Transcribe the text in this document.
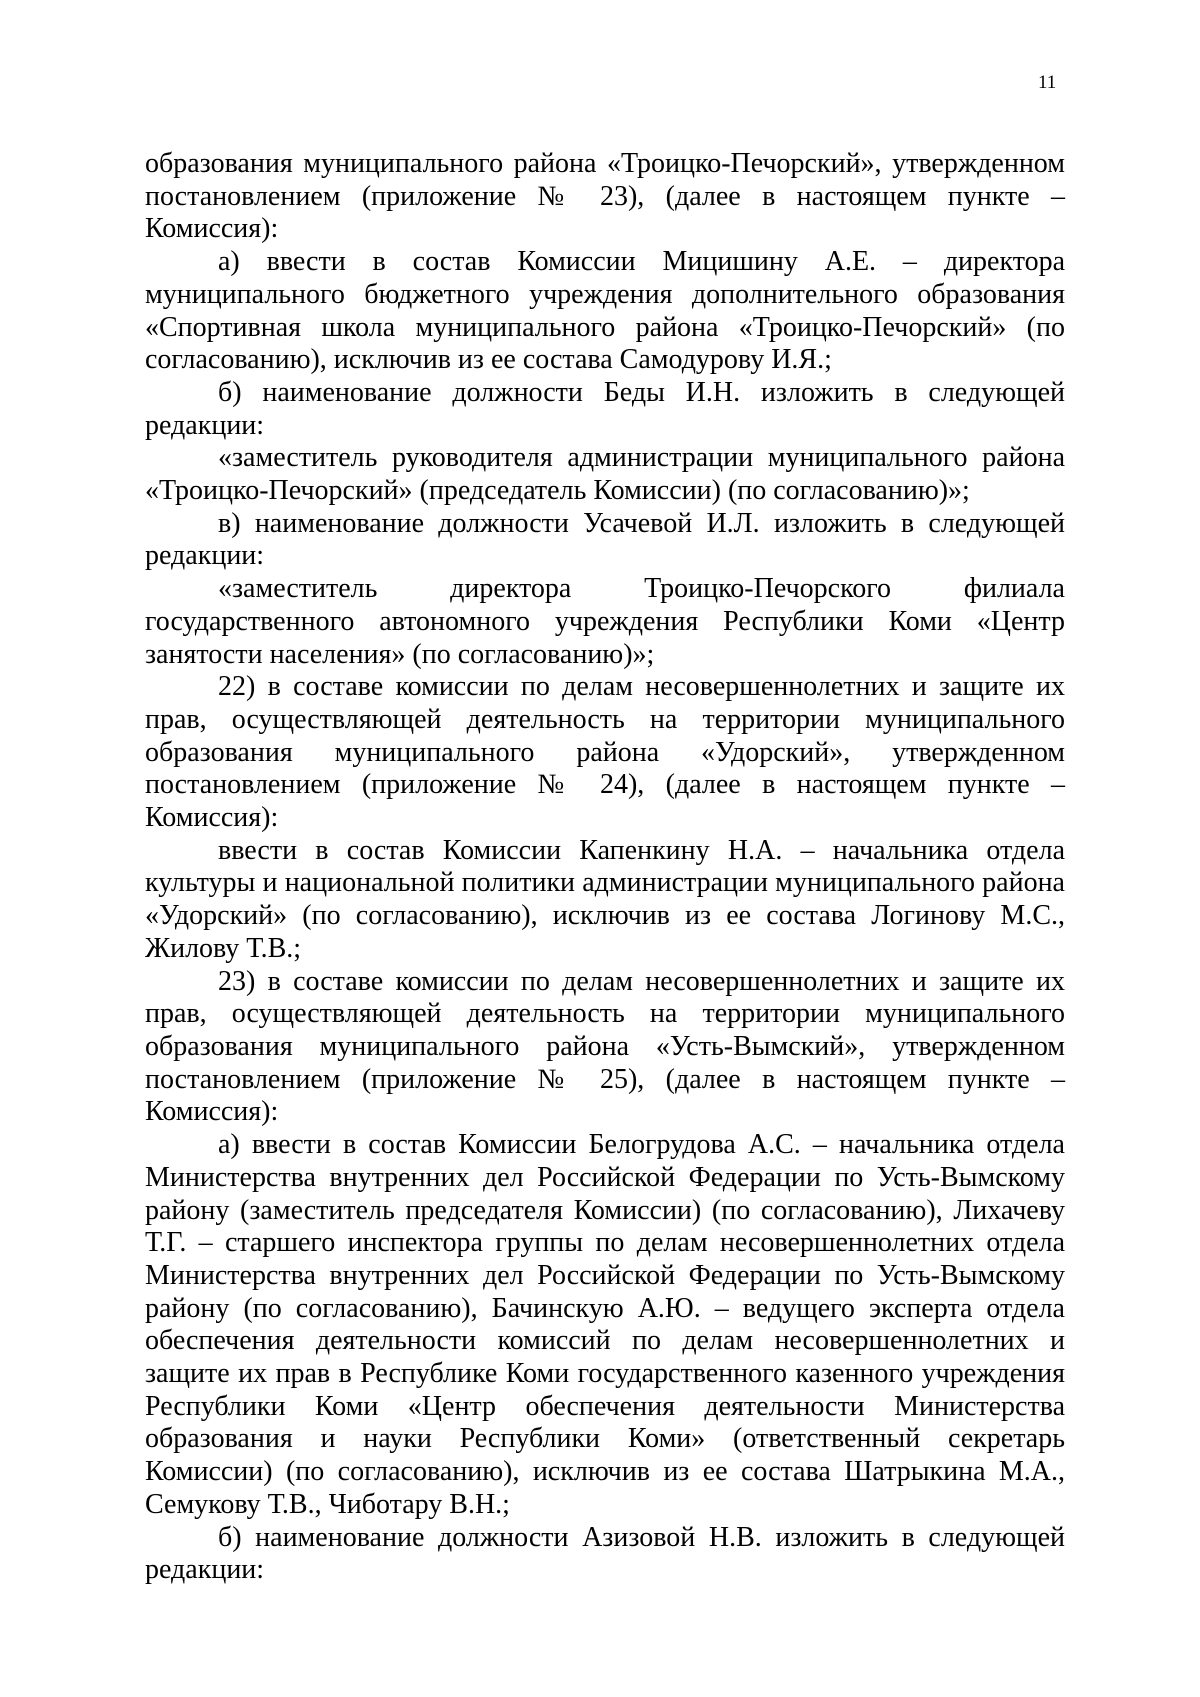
11

образования муниципального района «Троицко-Печорский», утвержденном постановлением (приложение № 23), (далее в настоящем пункте – Комиссия):

а) ввести в состав Комиссии Мицишину А.Е. – директора муниципального бюджетного учреждения дополнительного образования «Спортивная школа муниципального района «Троицко-Печорский» (по согласованию), исключив из ее состава Самодурову И.Я.;

б) наименование должности Беды И.Н. изложить в следующей редакции:

«заместитель руководителя администрации муниципального района «Троицко-Печорский» (председатель Комиссии) (по согласованию)»;

в) наименование должности Усачевой И.Л. изложить в следующей редакции:

«заместитель директора Троицко-Печорского филиала государственного автономного учреждения Республики Коми «Центр занятости населения» (по согласованию)»;

22) в составе комиссии по делам несовершеннолетних и защите их прав, осуществляющей деятельность на территории муниципального образования муниципального района «Удорский», утвержденном постановлением (приложение № 24), (далее в настоящем пункте – Комиссия):

ввести в состав Комиссии Капенкину Н.А. – начальника отдела культуры и национальной политики администрации муниципального района «Удорский» (по согласованию), исключив из ее состава Логинову М.С., Жилову Т.В.;

23) в составе комиссии по делам несовершеннолетних и защите их прав, осуществляющей деятельность на территории муниципального образования муниципального района «Усть-Вымский», утвержденном постановлением (приложение № 25), (далее в настоящем пункте – Комиссия):

а) ввести в состав Комиссии Белогрудова А.С. – начальника отдела Министерства внутренних дел Российской Федерации по Усть-Вымскому району (заместитель председателя Комиссии) (по согласованию), Лихачеву Т.Г. – старшего инспектора группы по делам несовершеннолетних отдела Министерства внутренних дел Российской Федерации по Усть-Вымскому району (по согласованию), Бачинскую А.Ю. – ведущего эксперта отдела обеспечения деятельности комиссий по делам несовершеннолетних и защите их прав в Республике Коми государственного казенного учреждения Республики Коми «Центр обеспечения деятельности Министерства образования и науки Республики Коми» (ответственный секретарь Комиссии) (по согласованию), исключив из ее состава Шатрыкина М.А., Семукову Т.В., Чиботару В.Н.;

б) наименование должности Азизовой Н.В. изложить в следующей редакции:
